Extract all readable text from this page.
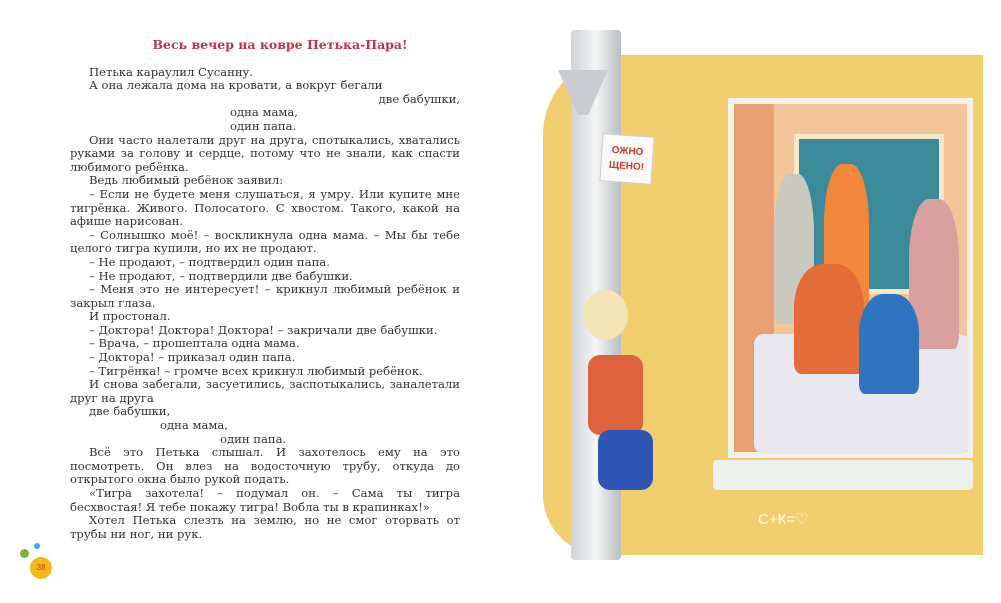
Весь вечер на ковре Петька-Пара!
Петька караулил Сусанну.
А она лежала дома на кровати, а вокруг бегали
две бабушки,
одна мама,
один папа.
Они часто налетали друг на друга, спотыкались, хватались руками за голову и сердце, потому что не знали, как спасти любимого ребёнка.
Ведь любимый ребёнок заявил:
– Если не будете меня слушаться, я умру. Или купите мне тигрёнка. Живого. Полосатого. С хвостом. Такого, какой на афише нарисован.
– Солнышко моё! – воскликнула одна мама. – Мы бы тебе целого тигра купили, но их не продают.
– Не продают, – подтвердил один папа.
– Не продают, – подтвердили две бабушки.
– Меня это не интересует! – крикнул любимый ребёнок и закрыл глаза.
И простонал.
– Доктора! Доктора! Доктора! – закричали две бабушки.
– Врача, – прошептала одна мама.
– Доктора! – приказал один папа.
– Тигрёнка! – громче всех крикнул любимый ребёнок.
И снова забегали, засуетились, заспотыкались, заналетали друг на друга
две бабушки,
одна мама,
один папа.
Всё это Петька слышал. И захотелось ему на это посмотреть. Он влез на водосточную трубу, откуда до открытого окна было рукой подать.
«Тигра захотела! – подумал он. – Сама ты тигра бесхвостая! Я тебе покажу тигра! Вобла ты в крапинках!»
Хотел Петька слезть на землю, но не смог оторвать от трубы ни ног, ни рук.
38
ОЖНО
ЩЕНО!
С+К=♡
